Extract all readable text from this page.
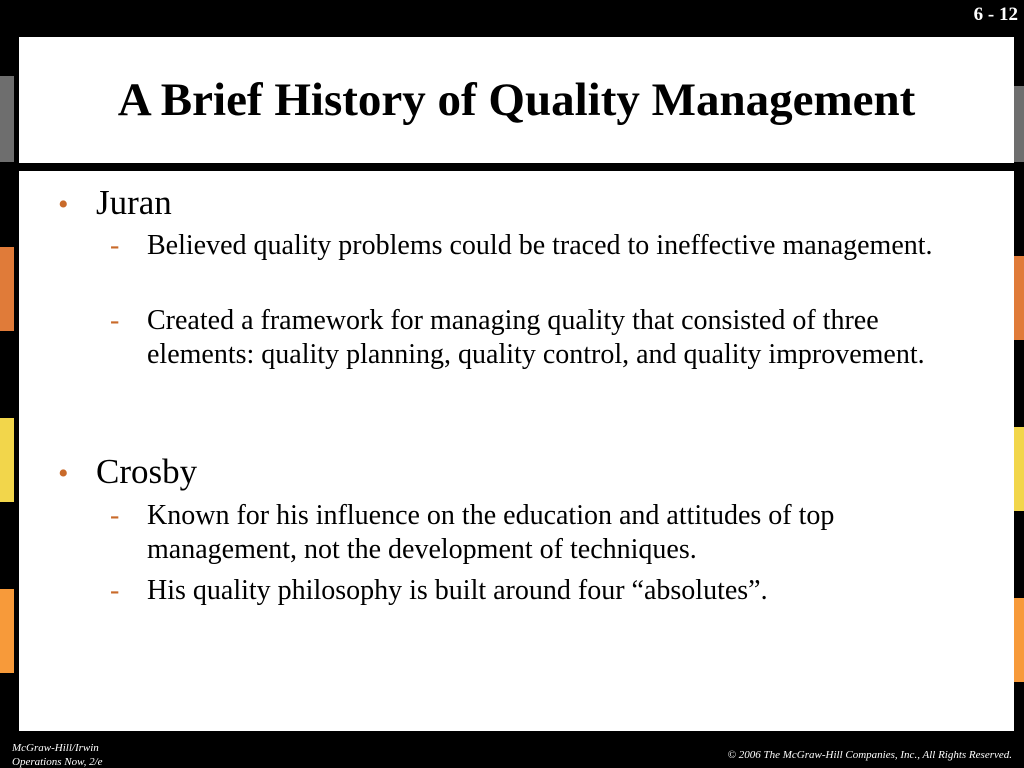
6 - 12
A Brief History of Quality Management
• Juran
- Believed quality problems could be traced to ineffective management.
- Created a framework for managing quality that consisted of three elements: quality planning, quality control, and quality improvement.
• Crosby
- Known for his influence on the education and attitudes of top management, not the development of techniques.
- His quality philosophy is built around four “absolutes”.
McGraw-Hill/Irwin
Operations Now, 2/e
© 2006 The McGraw-Hill Companies, Inc., All Rights Reserved.
